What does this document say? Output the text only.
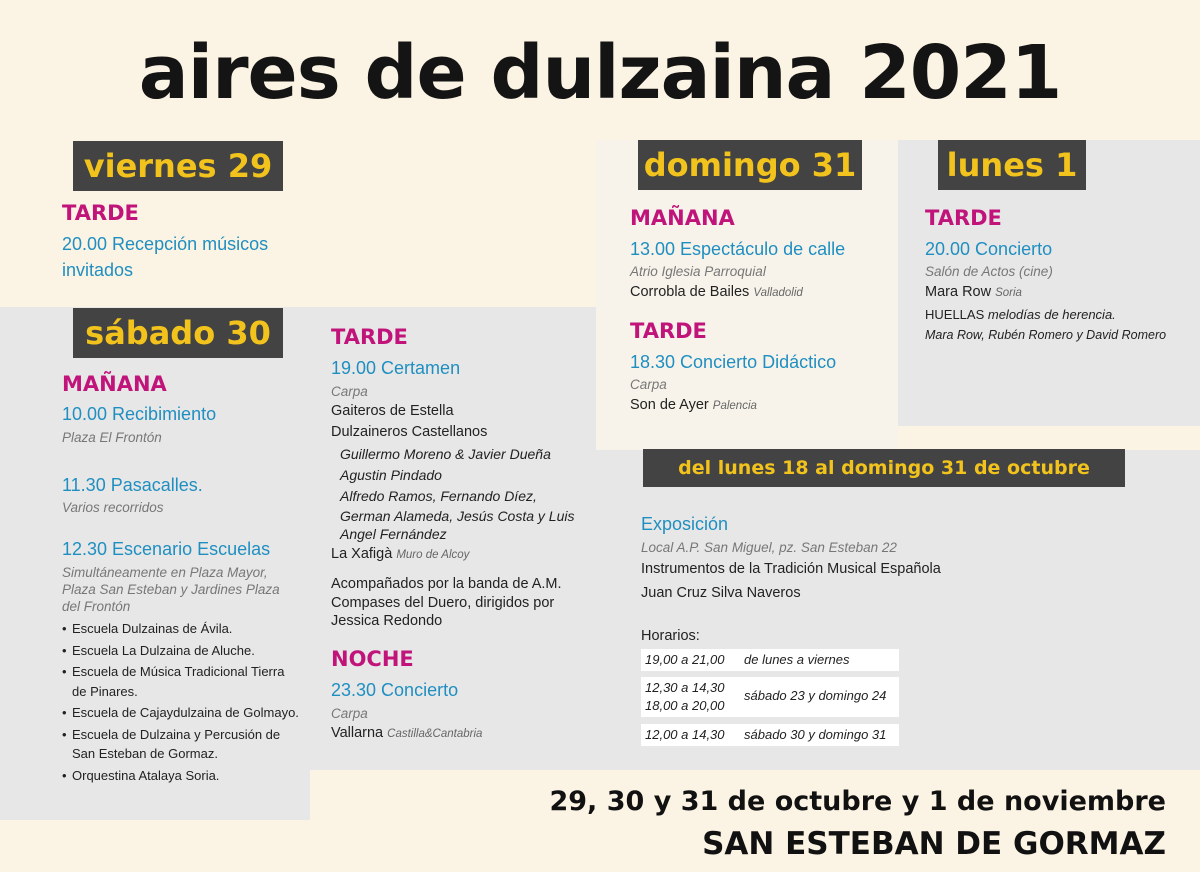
aires de dulzaina 2021
viernes 29
TARDE
20.00 Recepción músicos
invitados
sábado 30
MAÑANA
10.00 Recibimiento
Plaza El Frontón
11.30 Pasacalles.
Varios recorridos
12.30 Escenario Escuelas
Simultáneamente en Plaza Mayor,
Plaza San Esteban y Jardines Plaza
del Frontón
• Escuela Dulzainas de Ávila.
• Escuela La Dulzaina de Aluche.
• Escuela de Música Tradicional Tierra de Pinares.
• Escuela de Cajaydulzaina de Golmayo.
• Escuela de Dulzaina y Percusión de San Esteban de Gormaz.
• Orquestina Atalaya Soria.
TARDE
19.00 Certamen
Carpa
Gaiteros de Estella
Dulzaineros Castellanos
Guillermo Moreno & Javier Dueña
Agustin Pindado
Alfredo Ramos, Fernando Díez,
German Alameda, Jesús Costa y Luis
Angel Fernández
La Xafigà Muro de Alcoy
Acompañados por la banda de A.M.
Compases del Duero, dirigidos por
Jessica Redondo
NOCHE
23.30 Concierto
Carpa
Vallarna Castilla&Cantabria
domingo 31
MAÑANA
13.00 Espectáculo de calle
Atrio Iglesia Parroquial
Corrobla de Bailes Valladolid
TARDE
18.30 Concierto Didáctico
Carpa
Son de Ayer Palencia
lunes 1
TARDE
20.00 Concierto
Salón de Actos (cine)
Mara Row Soria
HUELLAS melodías de herencia.
Mara Row, Rubén Romero y David Romero
del lunes 18 al domingo 31 de octubre
Exposición
Local A.P. San Miguel, pz. San Esteban 22
Instrumentos de la Tradición Musical Española
Juan Cruz Silva Naveros
Horarios:
19,00 a 21,00 de lunes a viernes
12,30 a 14,30
18,00 a 20,00
sábado 23 y domingo 24
12,00 a 14,30 sábado 30 y domingo 31
29, 30 y 31 de octubre y 1 de noviembre
SAN ESTEBAN DE GORMAZ
